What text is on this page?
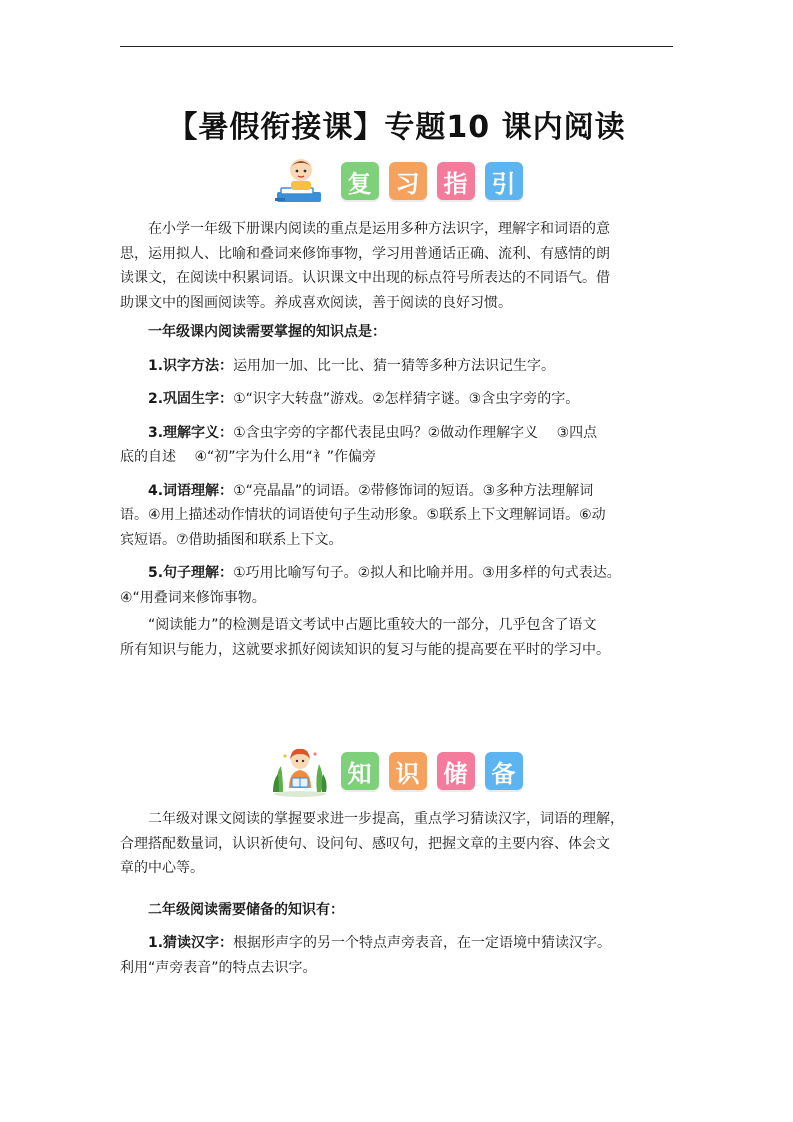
【暑假衔接课】专题10 课内阅读
复 习 指 引

在小学一年级下册课内阅读的重点是运用多种方法识字，理解字和词语的意
思，运用拟人、比喻和叠词来修饰事物，学习用普通话正确、流利、有感情的朗
读课文，在阅读中积累词语。认识课文中出现的标点符号所表达的不同语气。借
助课文中的图画阅读等。养成喜欢阅读，善于阅读的良好习惯。

一年级课内阅读需要掌握的知识点是：

1.识字方法：运用加一加、比一比、猜一猜等多种方法识记生字。

2.巩固生字：①“识字大转盘”游戏。②怎样猜字谜。③含虫字旁的字。

3.理解字义：①含虫字旁的字都代表昆虫吗？②做动作理解字义　 ③四点
底的自述　 ④“初”字为什么用“衤”作偏旁

4.词语理解：①“亮晶晶”的词语。②带修饰词的短语。③多种方法理解词
语。④用上描述动作情状的词语使句子生动形象。⑤联系上下文理解词语。⑥动
宾短语。⑦借助插图和联系上下文。

5.句子理解：①巧用比喻写句子。②拟人和比喻并用。③用多样的句式表达。
④“用叠词来修饰事物。

“阅读能力”的检测是语文考试中占题比重较大的一部分，几乎包含了语文
所有知识与能力，这就要求抓好阅读知识的复习与能的提高要在平时的学习中。

知 识 储 备

二年级对课文阅读的掌握要求进一步提高，重点学习猜读汉字，词语的理解，
合理搭配数量词，认识祈使句、设问句、感叹句，把握文章的主要内容、体会文
章的中心等。

二年级阅读需要储备的知识有：

1.猜读汉字：根据形声字的另一个特点声旁表音，在一定语境中猜读汉字。
利用“声旁表音”的特点去识字。
